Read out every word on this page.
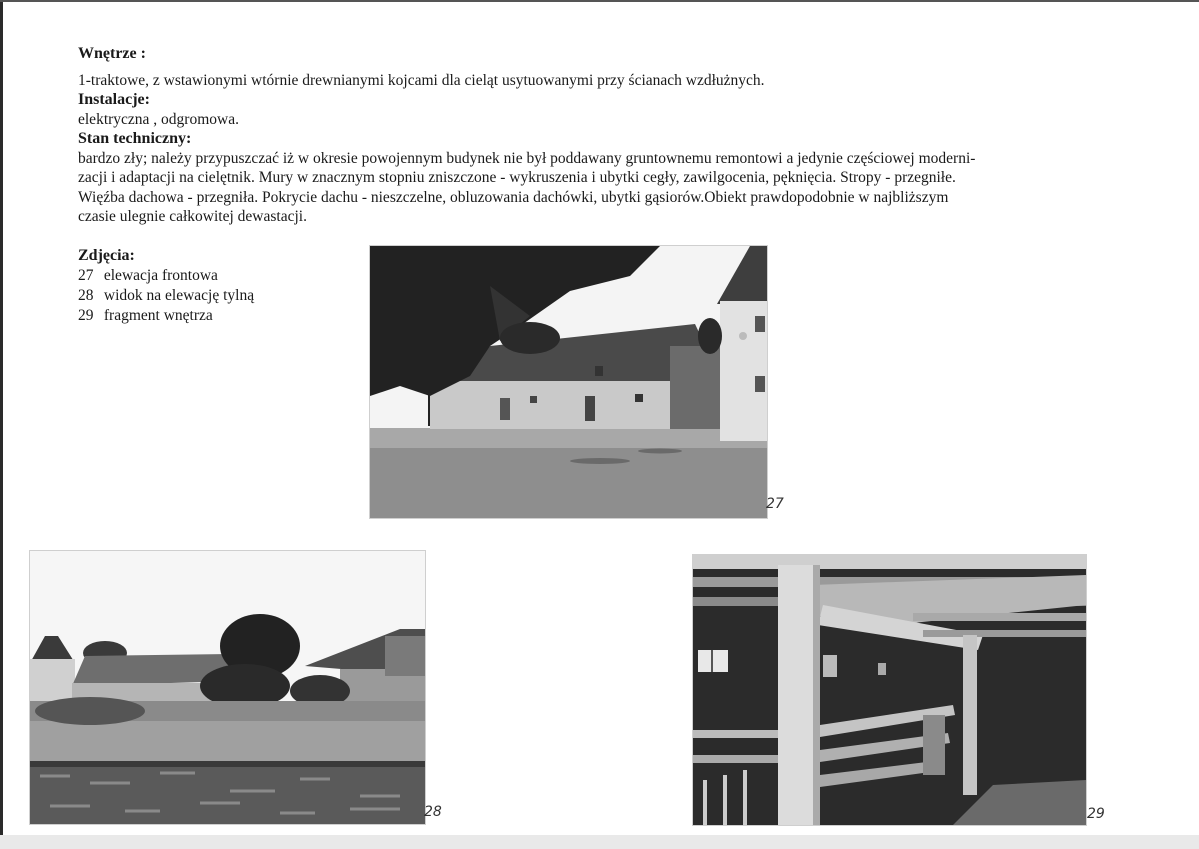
Wnętrze :

1-traktowe, z wstawionymi wtórnie drewnianymi kojcami dla cieląt usytuowanymi przy ścianach wzdłużnych.

Instalacje:

elektryczna , odgromowa.

Stan techniczny:

bardzo zły; należy przypuszczać iż w okresie powojennym budynek nie był poddawany gruntownemu remontowi a jedynie częściowej moderni-

zacji i adaptacji na cielętnik. Mury w znacznym stopniu zniszczone - wykruszenia i ubytki cegły, zawilgocenia, pęknięcia. Stropy - przegniłe.

Więźba dachowa - przegniła. Pokrycie dachu - nieszczelne, obluzowania dachówki, ubytki gąsiorów.Obiekt prawdopodobnie w najbliższym

czasie ulegnie całkowitej dewastacji.

Zdjęcia:
27 elewacja frontowa
28 widok na elewację tylną
29 fragment wnętrza
27
28	29
